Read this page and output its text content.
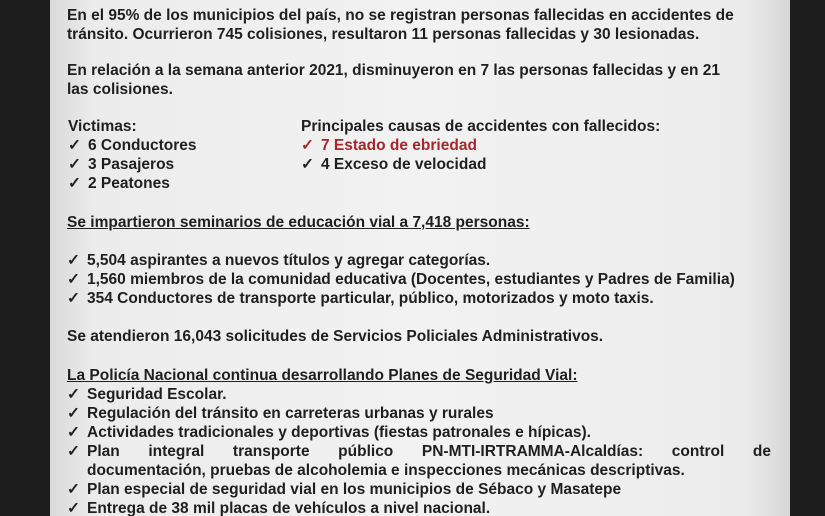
En el 95% de los municipios del país, no se registran personas fallecidas en accidentes de
tránsito. Ocurrieron 745 colisiones, resultaron 11 personas fallecidas y 30 lesionadas.
En relación a la semana anterior 2021, disminuyeron en 7 las personas fallecidas y en 21
las colisiones.
Victimas:
✓ 6 Conductores
✓ 3 Pasajeros
✓ 2 Peatones
Principales causas de accidentes con fallecidos:
✓ 7 Estado de ebriedad
✓ 4 Exceso de velocidad
Se impartieron seminarios de educación vial a 7,418 personas:
✓ 5,504 aspirantes a nuevos títulos y agregar categorías.
✓ 1,560 miembros de la comunidad educativa (Docentes, estudiantes y Padres de Familia)
✓ 354 Conductores de transporte particular, público, motorizados y moto taxis.
Se atendieron 16,043 solicitudes de Servicios Policiales Administrativos.
La Policía Nacional continua desarrollando Planes de Seguridad Vial:
✓ Seguridad Escolar.
✓ Regulación del tránsito en carreteras urbanas y rurales
✓ Actividades tradicionales y deportivas (fiestas patronales e hípicas).
✓ Plan integral transporte público PN-MTI-IRTRAMMA-Alcaldías: control de
documentación, pruebas de alcoholemia e inspecciones mecánicas descriptivas.
✓ Plan especial de seguridad vial en los municipios de Sébaco y Masatepe
✓ Entrega de 38 mil placas de vehículos a nivel nacional.
